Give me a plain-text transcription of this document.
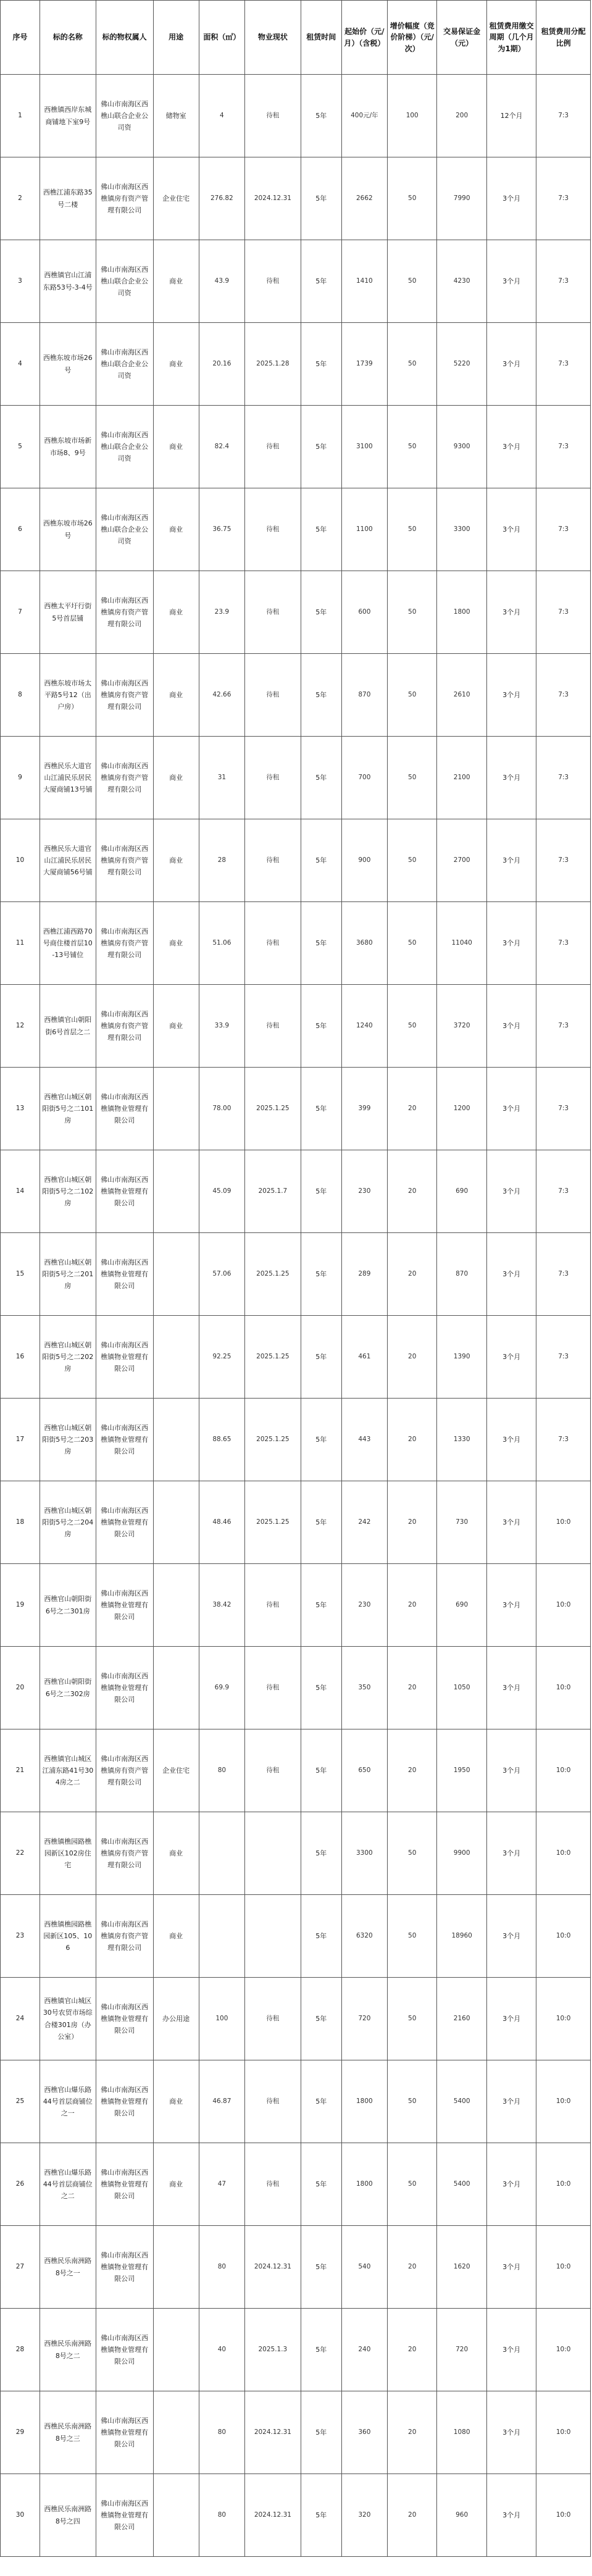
序号	标的名称	标的物权属人	用途	面积（㎡）	物业现状	租赁时间	起始价（元/月）（含税）	增价幅度（竞价阶梯）（元/次）	交易保证金（元）	租赁费用缴交周期（几个月为1期）	租赁费用分配比例
1	西樵镇西岸东城商铺地下室9号	佛山市南海区西樵山联合企业公司资	储物室	4	待租	5年	400元/年	100	200	12个月	7:3
2	西樵江浦东路35号二楼	佛山市南海区西樵镇房有资产管理有限公司	企业住宅	276.82	2024.12.31	5年	2662	50	7990	3个月	7:3
3	西樵镇官山江浦东路53号-3-4号	佛山市南海区西樵山联合企业公司资	商业	43.9	待租	5年	1410	50	4230	3个月	7:3
4	西樵东坡市场26号	佛山市南海区西樵山联合企业公司资	商业	20.16	2025.1.28	5年	1739	50	5220	3个月	7:3
5	西樵东坡市场新市场8、9号	佛山市南海区西樵山联合企业公司资	商业	82.4	待租	5年	3100	50	9300	3个月	7:3
6	西樵东坡市场26号	佛山市南海区西樵山联合企业公司资	商业	36.75	待租	5年	1100	50	3300	3个月	7:3
7	西樵太平圩行街5号首层铺	佛山市南海区西樵镇房有资产管理有限公司	商业	23.9	待租	5年	600	50	1800	3个月	7:3
8	西樵东坡市场太平路5号12（出户房）	佛山市南海区西樵镇房有资产管理有限公司	商业	42.66	待租	5年	870	50	2610	3个月	7:3
9	西樵民乐大道官山江浦民乐居民大厦商铺13号铺	佛山市南海区西樵镇房有资产管理有限公司	商业	31	待租	5年	700	50	2100	3个月	7:3
10	西樵民乐大道官山江浦民乐居民大厦商铺56号铺	佛山市南海区西樵镇房有资产管理有限公司	商业	28	待租	5年	900	50	2700	3个月	7:3
11	西樵江浦西路70号商住楼首层10-13号铺位	佛山市南海区西樵镇房有资产管理有限公司	商业	51.06	待租	5年	3680	50	11040	3个月	7:3
12	西樵镇官山朝阳街6号首层之二	佛山市南海区西樵镇房有资产管理有限公司	商业	33.9	待租	5年	1240	50	3720	3个月	7:3
13	西樵官山城区朝阳街5号之二101房	佛山市南海区西樵镇物业管理有限公司		78.00	2025.1.25	5年	399	20	1200	3个月	7:3
14	西樵官山城区朝阳街5号之二102房	佛山市南海区西樵镇物业管理有限公司		45.09	2025.1.7	5年	230	20	690	3个月	7:3
15	西樵官山城区朝阳街5号之二201房	佛山市南海区西樵镇物业管理有限公司		57.06	2025.1.25	5年	289	20	870	3个月	7:3
16	西樵官山城区朝阳街5号之二202房	佛山市南海区西樵镇物业管理有限公司		92.25	2025.1.25	5年	461	20	1390	3个月	7:3
17	西樵官山城区朝阳街5号之二203房	佛山市南海区西樵镇物业管理有限公司		88.65	2025.1.25	5年	443	20	1330	3个月	7:3
18	西樵官山城区朝阳街5号之二204房	佛山市南海区西樵镇物业管理有限公司		48.46	2025.1.25	5年	242	20	730	3个月	10:0
19	西樵官山朝阳街6号之二301房	佛山市南海区西樵镇物业管理有限公司		38.42	待租	5年	230	20	690	3个月	10:0
20	西樵官山朝阳街6号之二302房	佛山市南海区西樵镇物业管理有限公司		69.9	待租	5年	350	20	1050	3个月	10:0
21	西樵镇官山城区江浦东路41号304房之二	佛山市南海区西樵镇房有资产管理有限公司	企业住宅	80	待租	5年	650	20	1950	3个月	10:0
22	西樵镇樵园路樵园新区102房住宅	佛山市南海区西樵镇房有资产管理有限公司	商业			5年	3300	50	9900	3个月	10:0
23	西樵镇樵园路樵园新区105、106	佛山市南海区西樵镇房有资产管理有限公司	商业			5年	6320	50	18960	3个月	10:0
24	西樵镇官山城区30号农贸市场综合楼301房（办公室）	佛山市南海区西樵镇物业管理有限公司	办公用途	100	待租	5年	720	50	2160	3个月	10:0
25	西樵官山爆乐路44号首层商铺位之一	佛山市南海区西樵镇物业管理有限公司	商业	46.87	待租	5年	1800	50	5400	3个月	10:0
26	西樵官山爆乐路44号首层商铺位之二	佛山市南海区西樵镇物业管理有限公司	商业	47	待租	5年	1800	50	5400	3个月	10:0
27	西樵民乐南洲路8号之一	佛山市南海区西樵镇物业管理有限公司		80	2024.12.31	5年	540	20	1620	3个月	10:0
28	西樵民乐南洲路8号之二	佛山市南海区西樵镇物业管理有限公司		40	2025.1.3	5年	240	20	720	3个月	10:0
29	西樵民乐南洲路8号之三	佛山市南海区西樵镇物业管理有限公司		80	2024.12.31	5年	360	20	1080	3个月	10:0
30	西樵民乐南洲路8号之四	佛山市南海区西樵镇物业管理有限公司		80	2024.12.31	5年	320	20	960	3个月	10:0
